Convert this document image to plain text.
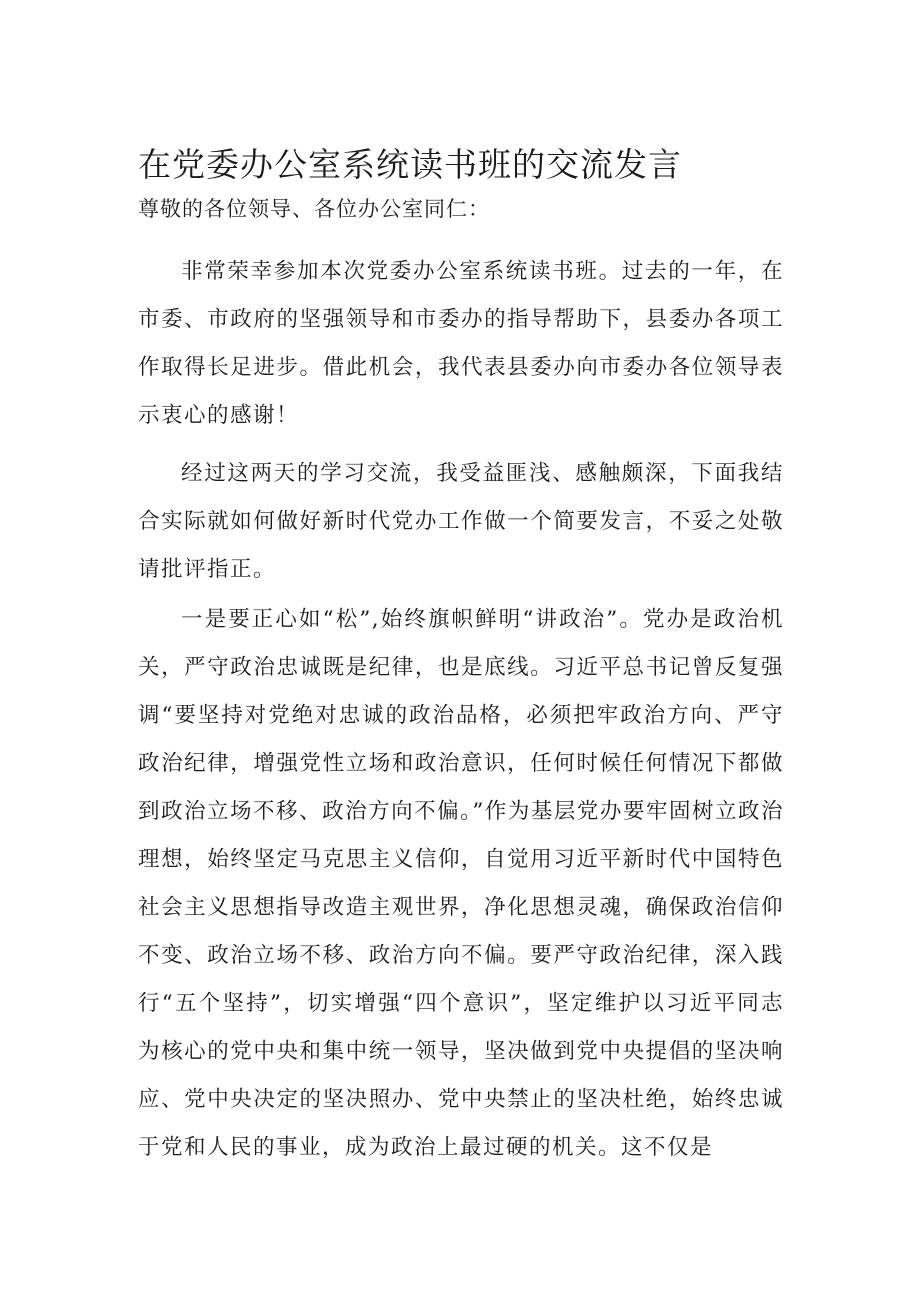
在党委办公室系统读书班的交流发言

尊敬的各位领导、各位办公室同仁：

非常荣幸参加本次党委办公室系统读书班。过去的一年，在市委、市政府的坚强领导和市委办的指导帮助下，县委办各项工作取得长足进步。借此机会，我代表县委办向市委办各位领导表示衷心的感谢！

经过这两天的学习交流，我受益匪浅、感触颇深，下面我结合实际就如何做好新时代党办工作做一个简要发言，不妥之处敬请批评指正。

一是要正心如“松”,始终旗帜鲜明“讲政治”。党办是政治机关，严守政治忠诚既是纪律，也是底线。习近平总书记曾反复强调“要坚持对党绝对忠诚的政治品格，必须把牢政治方向、严守政治纪律，增强党性立场和政治意识，任何时候任何情况下都做到政治立场不移、政治方向不偏。”作为基层党办要牢固树立政治理想，始终坚定马克思主义信仰，自觉用习近平新时代中国特色社会主义思想指导改造主观世界，净化思想灵魂，确保政治信仰不变、政治立场不移、政治方向不偏。要严守政治纪律，深入践行“五个坚持”，切实增强“四个意识”，坚定维护以习近平同志为核心的党中央和集中统一领导，坚决做到党中央提倡的坚决响应、党中央决定的坚决照办、党中央禁止的坚决杜绝，始终忠诚于党和人民的事业，成为政治上最过硬的机关。这不仅是
